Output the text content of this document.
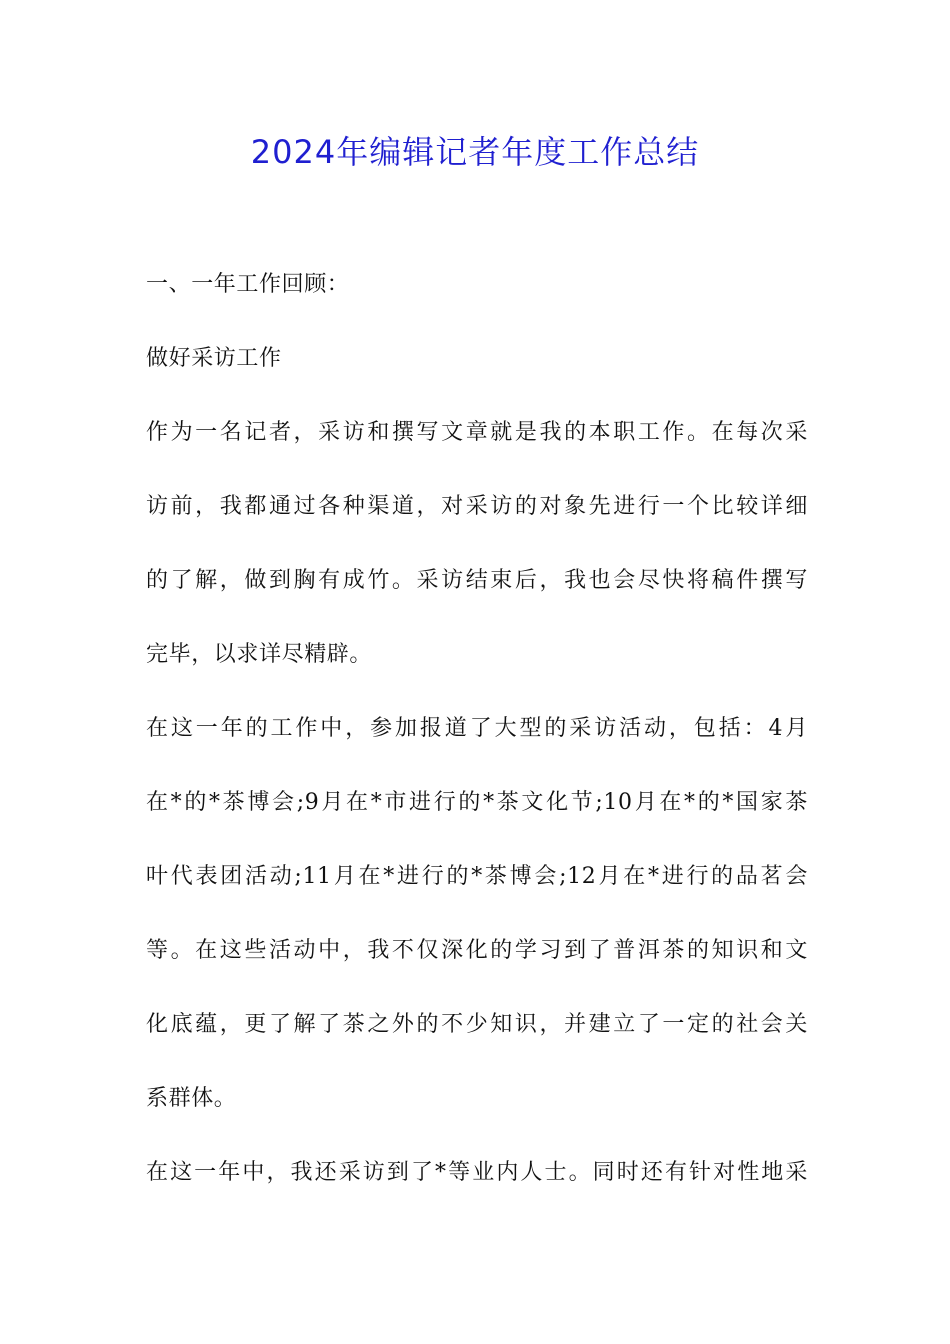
2024年编辑记者年度工作总结
一、一年工作回顾：
做好采访工作
作为一名记者，采访和撰写文章就是我的本职工作。在每次采
访前，我都通过各种渠道，对采访的对象先进行一个比较详细
的了解，做到胸有成竹。采访结束后，我也会尽快将稿件撰写
完毕，以求详尽精辟。
在这一年的工作中，参加报道了大型的采访活动，包括：4月
在*的*茶博会;9月在*市进行的*茶文化节;10月在*的*国家茶
叶代表团活动;11月在*进行的*茶博会;12月在*进行的品茗会
等。在这些活动中，我不仅深化的学习到了普洱茶的知识和文
化底蕴，更了解了茶之外的不少知识，并建立了一定的社会关
系群体。
在这一年中，我还采访到了*等业内人士。同时还有针对性地采
